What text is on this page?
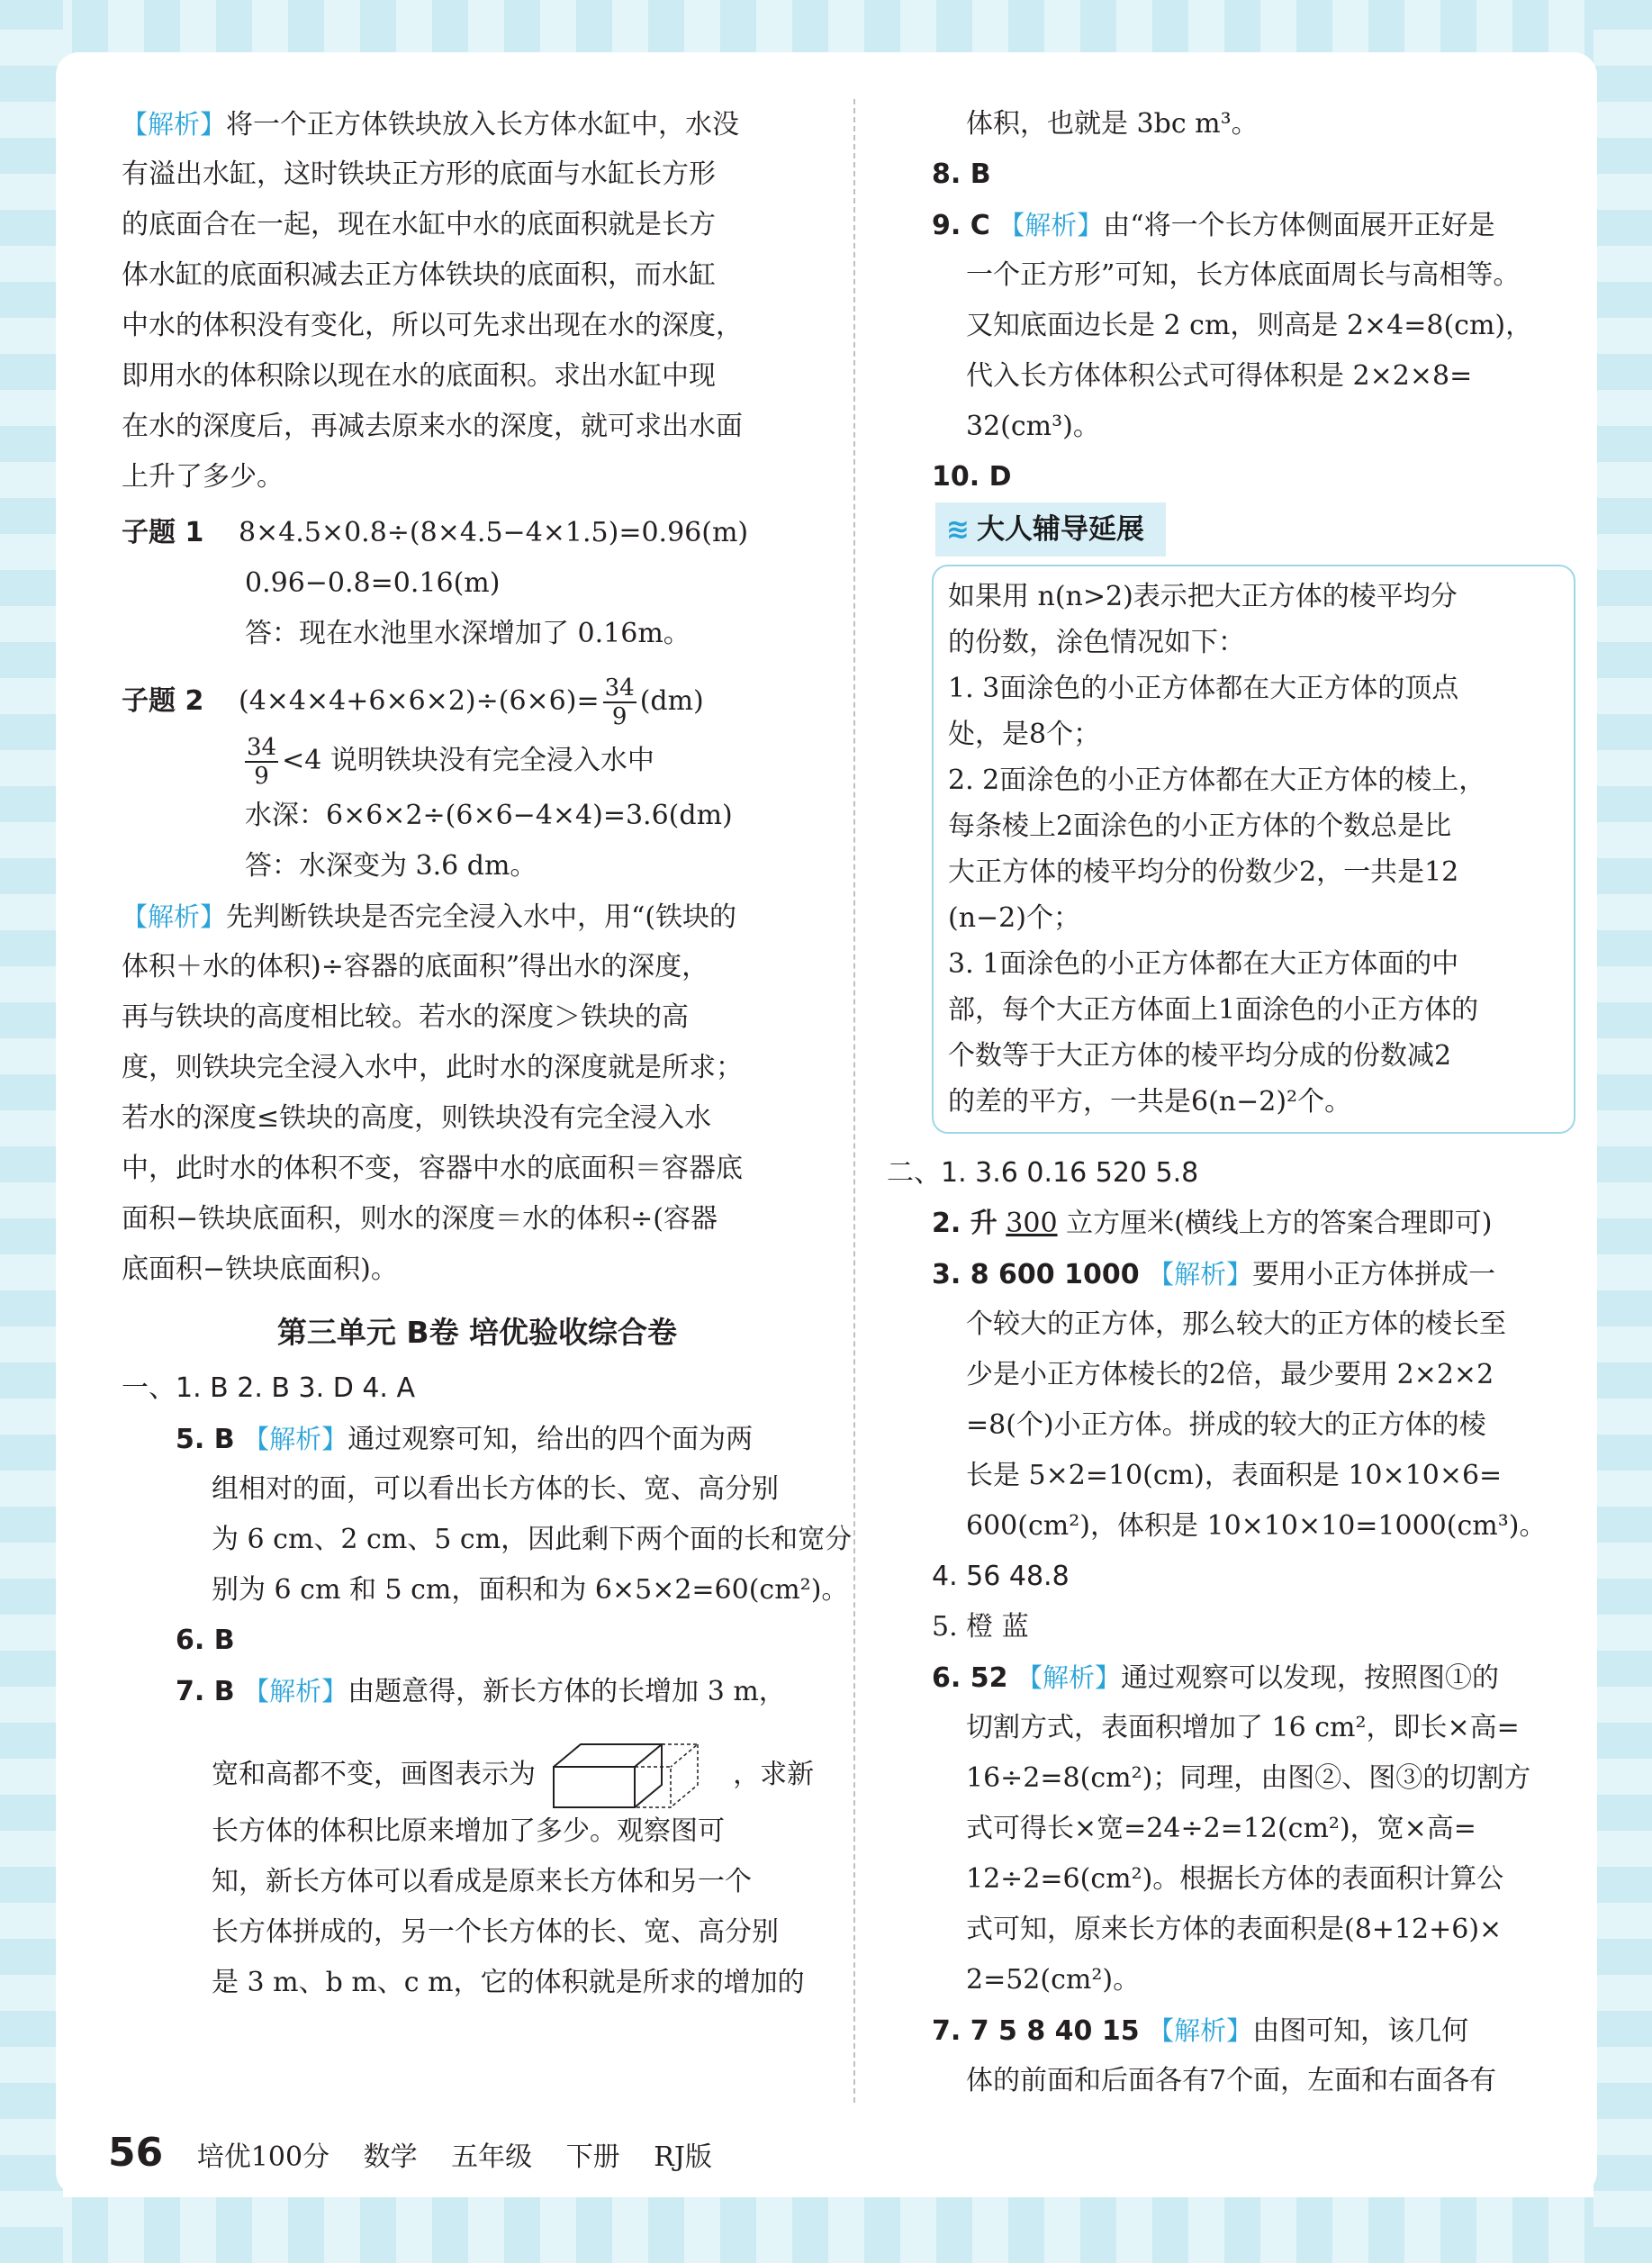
【解析】将一个正方体铁块放入长方体水缸中，水没
有溢出水缸，这时铁块正方形的底面与水缸长方形
的底面合在一起，现在水缸中水的底面积就是长方
体水缸的底面积减去正方体铁块的底面积，而水缸
中水的体积没有变化，所以可先求出现在水的深度，
即用水的体积除以现在水的底面积。求出水缸中现
在水的深度后，再减去原来水的深度，就可求出水面
上升了多少。
子题 1 8×4.5×0.8÷(8×4.5−4×1.5)=0.96(m)
0.96−0.8=0.16(m)
答：现在水池里水深增加了 0.16m。
子题 2 $(4\times 4\times 4+6\times 6\times 2)\div(6\times 6)= \frac{34}{9} (dm)$
$\frac{34}{9} <4$ 说明铁块没有完全浸入水中
水深：6×6×2÷(6×6−4×4)=3.6(dm)
答：水深变为 3.6 dm。
【解析】先判断铁块是否完全浸入水中，用“(铁块的
体积＋水的体积)÷容器的底面积”得出水的深度，
再与铁块的高度相比较。若水的深度＞铁块的高
度，则铁块完全浸入水中，此时水的深度就是所求；
若水的深度≤铁块的高度，则铁块没有完全浸入水
中，此时水的体积不变，容器中水的底面积＝容器底
面积−铁块底面积，则水的深度＝水的体积÷(容器
底面积−铁块底面积)。
第三单元 B卷 培优验收综合卷
一、1. B 2. B 3. D 4. A
5. B 【解析】通过观察可知，给出的四个面为两
组相对的面，可以看出长方体的长、宽、高分别
为 6 cm、2 cm、5 cm，因此剩下两个面的长和宽分
别为 6 cm 和 5 cm，面积和为 6×5×2=60(cm²)。
6. B
7. B 【解析】由题意得，新长方体的长增加 3 m，
宽和高都不变，画图表示为	，求新
长方体的体积比原来增加了多少。观察图可
知，新长方体可以看成是原来长方体和另一个
长方体拼成的，另一个长方体的长、宽、高分别
是 3 m、b m、c m，它的体积就是所求的增加的
体积，也就是 3bc m³。
8. B
9. C 【解析】由“将一个长方体侧面展开正好是
一个正方形”可知，长方体底面周长与高相等。
又知底面边长是 2 cm，则高是 2×4=8(cm)，
代入长方体体积公式可得体积是 2×2×8=
32(cm³)。
10. D
≋ 大人辅导延展
如果用 n(n>2)表示把大正方体的棱平均分
的份数，涂色情况如下：
1. 3面涂色的小正方体都在大正方体的顶点
处，是8个；
2. 2面涂色的小正方体都在大正方体的棱上，
每条棱上2面涂色的小正方体的个数总是比
大正方体的棱平均分的份数少2，一共是12
(n−2)个；
3. 1面涂色的小正方体都在大正方体面的中
部，每个大正方体面上1面涂色的小正方体的
个数等于大正方体的棱平均分成的份数减2
的差的平方，一共是6(n−2)²个。
二、1. 3.6 0.16 520 5.8
2. 升 300 立方厘米(横线上方的答案合理即可)
3. 8 600 1000 【解析】要用小正方体拼成一
个较大的正方体，那么较大的正方体的棱长至
少是小正方体棱长的2倍，最少要用 2×2×2
=8(个)小正方体。拼成的较大的正方体的棱
长是 5×2=10(cm)，表面积是 10×10×6=
600(cm²)，体积是 10×10×10=1000(cm³)。
4. 56 48.8
5. 橙 蓝
6. 52 【解析】通过观察可以发现，按照图①的
切割方式，表面积增加了 16 cm²，即长×高=
16÷2=8(cm²)；同理，由图②、图③的切割方
式可得长×宽=24÷2=12(cm²)，宽×高=
12÷2=6(cm²)。根据长方体的表面积计算公
式可知，原来长方体的表面积是(8+12+6)×
2=52(cm²)。
7. 7 5 8 40 15 【解析】由图可知，该几何
体的前面和后面各有7个面，左面和右面各有
56 培优100分 数学 五年级 下册 RJ版
